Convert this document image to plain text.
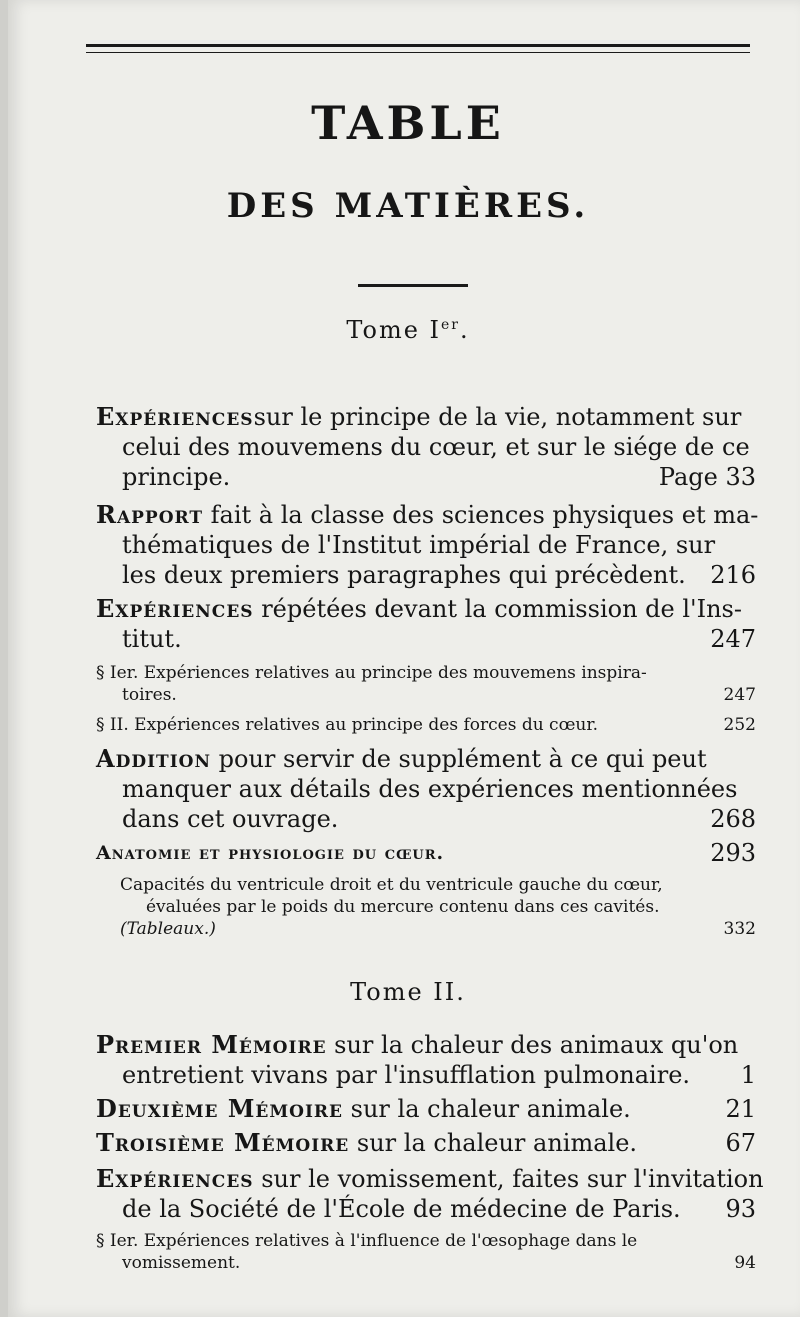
TABLE
DES MATIÈRES.
Tome Ier.
Expériencessur le principe de la vie, notamment sur
celui des mouvemens du cœur, et sur le siége de ce
principe.	Page 33
Rapport fait à la classe des sciences physiques et ma-
thématiques de l'Institut impérial de France, sur
les deux premiers paragraphes qui précèdent.	216
Expériences répétées devant la commission de l'Ins-
titut.	247
§ Ier. Expériences relatives au principe des mouvemens inspira-
toires.	247
§ II. Expériences relatives au principe des forces du cœur.	252
Addition pour servir de supplément à ce qui peut
manquer aux détails des expériences mentionnées
dans cet ouvrage.	268
Anatomie et physiologie du cœur.	293
Capacités du ventricule droit et du ventricule gauche du cœur,
évaluées par le poids du mercure contenu dans ces cavités.
(Tableaux.)	332
Tome II.
Premier Mémoire sur la chaleur des animaux qu'on
entretient vivans par l'insufflation pulmonaire.	1
Deuxième Mémoire sur la chaleur animale.	21
Troisième Mémoire sur la chaleur animale.	67
Expériences sur le vomissement, faites sur l'invitation
de la Société de l'École de médecine de Paris.	93
§ Ier. Expériences relatives à l'influence de l'œsophage dans le
vomissement.	94
